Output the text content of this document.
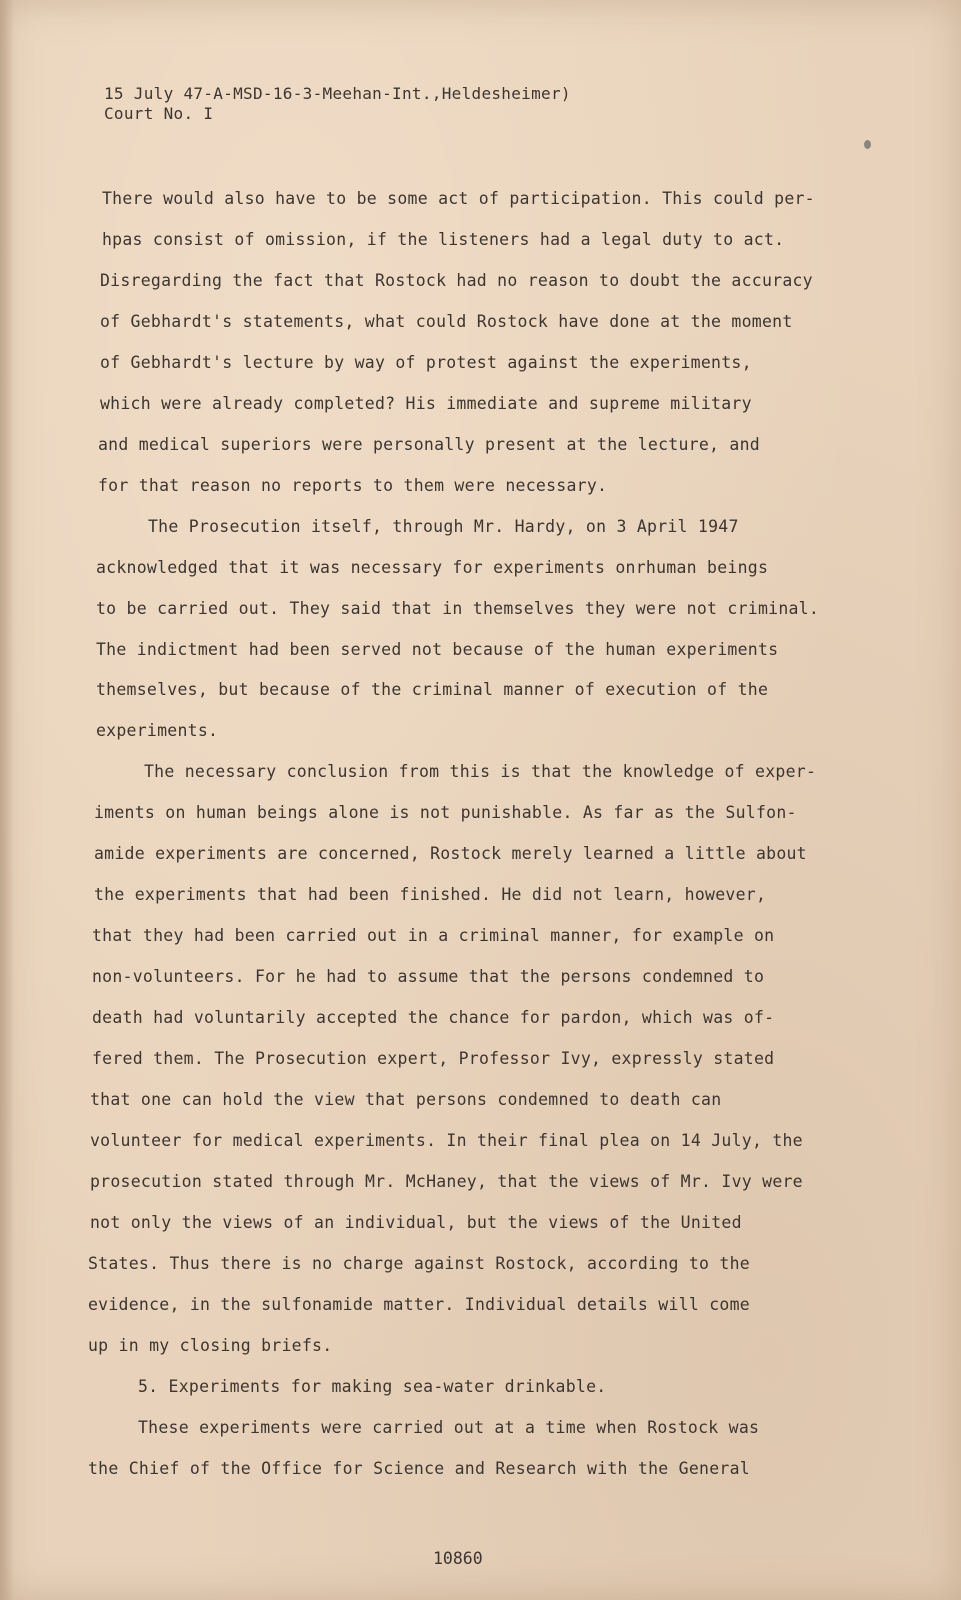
15 July 47-A-MSD-16-3-Meehan-Int.,Heldesheimer)
Court No. I
There would also have to be some act of participation. This could per-
hpas consist of omission, if the listeners had a legal duty to act.
Disregarding the fact that Rostock had no reason to doubt the accuracy
of Gebhardt's statements, what could Rostock have done at the moment
of Gebhardt's lecture by way of protest against the experiments,
which were already completed? His immediate and supreme military
and medical superiors were personally present at the lecture, and
for that reason no reports to them were necessary.
The Prosecution itself, through Mr. Hardy, on 3 April 1947
acknowledged that it was necessary for experiments onrhuman beings
to be carried out. They said that in themselves they were not criminal.
The indictment had been served not because of the human experiments
themselves, but because of the criminal manner of execution of the
experiments.
The necessary conclusion from this is that the knowledge of exper-
iments on human beings alone is not punishable. As far as the Sulfon-
amide experiments are concerned, Rostock merely learned a little about
the experiments that had been finished. He did not learn, however,
that they had been carried out in a criminal manner, for example on
non-volunteers. For he had to assume that the persons condemned to
death had voluntarily accepted the chance for pardon, which was of-
fered them. The Prosecution expert, Professor Ivy, expressly stated
that one can hold the view that persons condemned to death can
volunteer for medical experiments. In their final plea on 14 July, the
prosecution stated through Mr. McHaney, that the views of Mr. Ivy were
not only the views of an individual, but the views of the United
States. Thus there is no charge against Rostock, according to the
evidence, in the sulfonamide matter. Individual details will come
up in my closing briefs.
5. Experiments for making sea-water drinkable.
These experiments were carried out at a time when Rostock was
the Chief of the Office for Science and Research with the General
10860
